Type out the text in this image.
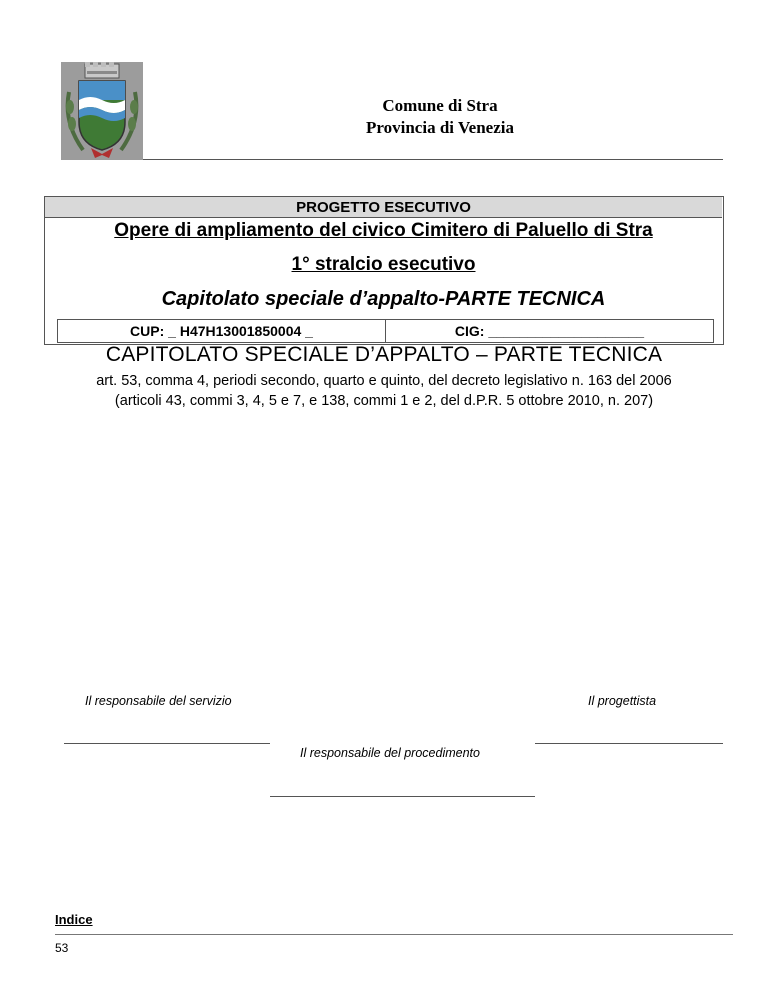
Comune di Stra
Provincia di Venezia
PROGETTO ESECUTIVO
Opere di ampliamento del civico Cimitero di Paluello di Stra
1° stralcio esecutivo
Capitolato speciale d’appalto-PARTE TECNICA
CUP: _ H47H13001850004 _	CIG: ____________________
CAPITOLATO SPECIALE D’APPALTO – PARTE TECNICA
art. 53, comma 4, periodi secondo, quarto e quinto, del decreto legislativo n. 163 del 2006
(articoli 43, commi 3, 4, 5 e 7, e 138, commi 1 e 2, del d.P.R. 5 ottobre 2010, n. 207)
Il responsabile del servizio	Il progettista
Il responsabile del procedimento
Indice
53
